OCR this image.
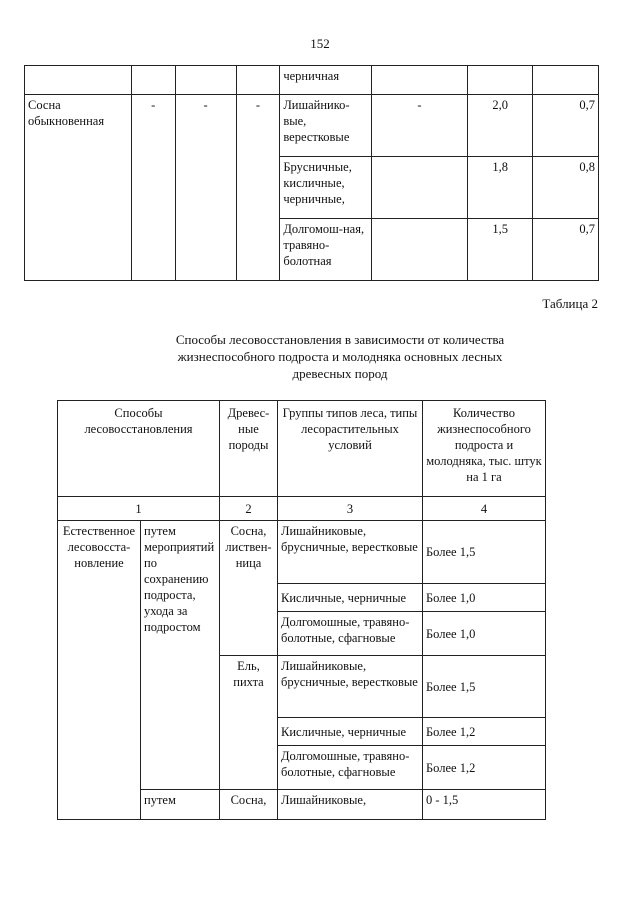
152
				черничная			
Сосна обыкновенная	-	-	-	Лишайнико-вые, верестковые	-	2,0	0,7
				Брусничные, кисличные, черничные,		1,8	0,8
				Долгомош-ная, травяно-болотная		1,5	0,7
Таблица 2
Способы лесовосстановления в зависимости от количества
жизнеспособного подроста и молодняка основных лесных
древесных пород
Способы лесовосстановления		Древес-ные породы	Группы типов леса, типы лесорастительных условий	Количество жизнеспособного подроста и молодняка, тыс. штук на 1 га
1		2	3	4
Естественное лесовосста-новление	путем мероприятий по сохранению подроста, ухода за подростом	Сосна, листвен-ница	Лишайниковые, брусничные, верестковые	Более 1,5
			Кисличные, черничные	Более 1,0
			Долгомошные, травяно-болотные, сфагновые	Более 1,0
		Ель, пихта	Лишайниковые, брусничные, верестковые	Более 1,5
			Кисличные, черничные	Более 1,2
			Долгомошные, травяно-болотные, сфагновые	Более 1,2
	путем	Сосна,	Лишайниковые,	0 - 1,5
